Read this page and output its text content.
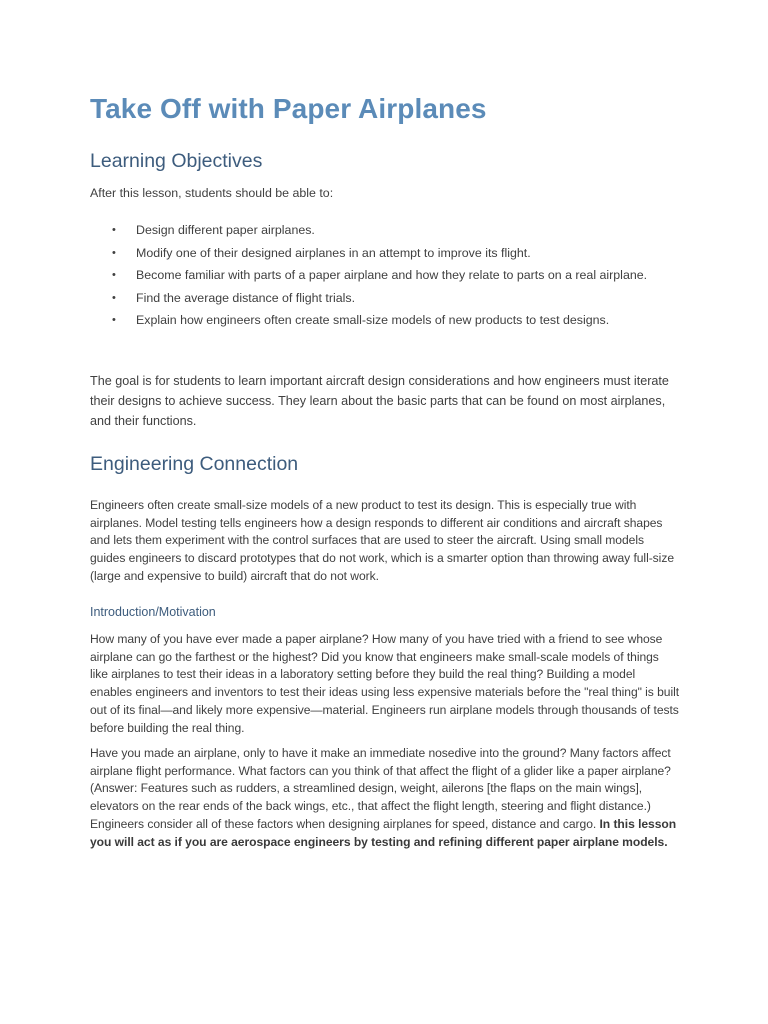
Take Off with Paper Airplanes
Learning Objectives
After this lesson, students should be able to:
• Design different paper airplanes.
• Modify one of their designed airplanes in an attempt to improve its flight.
• Become familiar with parts of a paper airplane and how they relate to parts on a real airplane.
• Find the average distance of flight trials.
• Explain how engineers often create small-size models of new products to test designs.

The goal is for students to learn important aircraft design considerations and how engineers must iterate their designs to achieve success. They learn about the basic parts that can be found on most airplanes, and their functions.

Engineering Connection

Engineers often create small-size models of a new product to test its design. This is especially true with airplanes. Model testing tells engineers how a design responds to different air conditions and aircraft shapes and lets them experiment with the control surfaces that are used to steer the aircraft. Using small models guides engineers to discard prototypes that do not work, which is a smarter option than throwing away full-size (large and expensive to build) aircraft that do not work.

Introduction/Motivation

How many of you have ever made a paper airplane? How many of you have tried with a friend to see whose airplane can go the farthest or the highest? Did you know that engineers make small-scale models of things like airplanes to test their ideas in a laboratory setting before they build the real thing? Building a model enables engineers and inventors to test their ideas using less expensive materials before the "real thing" is built out of its final—and likely more expensive—material. Engineers run airplane models through thousands of tests before building the real thing.

Have you made an airplane, only to have it make an immediate nosedive into the ground? Many factors affect airplane flight performance. What factors can you think of that affect the flight of a glider like a paper airplane? (Answer: Features such as rudders, a streamlined design, weight, ailerons [the flaps on the main wings], elevators on the rear ends of the back wings, etc., that affect the flight length, steering and flight distance.) Engineers consider all of these factors when designing airplanes for speed, distance and cargo. In this lesson you will act as if you are aerospace engineers by testing and refining different paper airplane models.
